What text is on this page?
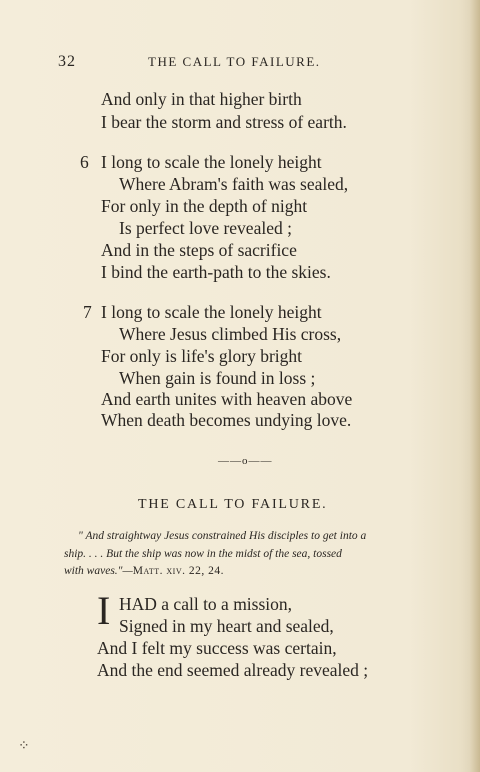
32	THE CALL TO FAILURE.
And only in that higher birth
I bear the storm and stress of earth.
6 I long to scale the lonely height
Where Abram's faith was sealed,
For only in the depth of night
Is perfect love revealed ;
And in the steps of sacrifice
I bind the earth-path to the skies.
7 I long to scale the lonely height
Where Jesus climbed His cross,
For only is life's glory bright
When gain is found in loss ;
And earth unites with heaven above
When death becomes undying love.
——o——
THE CALL TO FAILURE.
" And straightway Jesus constrained His disciples to get into a
ship. . . . But the ship was now in the midst of the sea, tossed
with waves."—Matt. xiv. 22, 24.
I HAD a call to a mission,
Signed in my heart and sealed,
And I felt my success was certain,
And the end seemed already revealed ;
⁘
